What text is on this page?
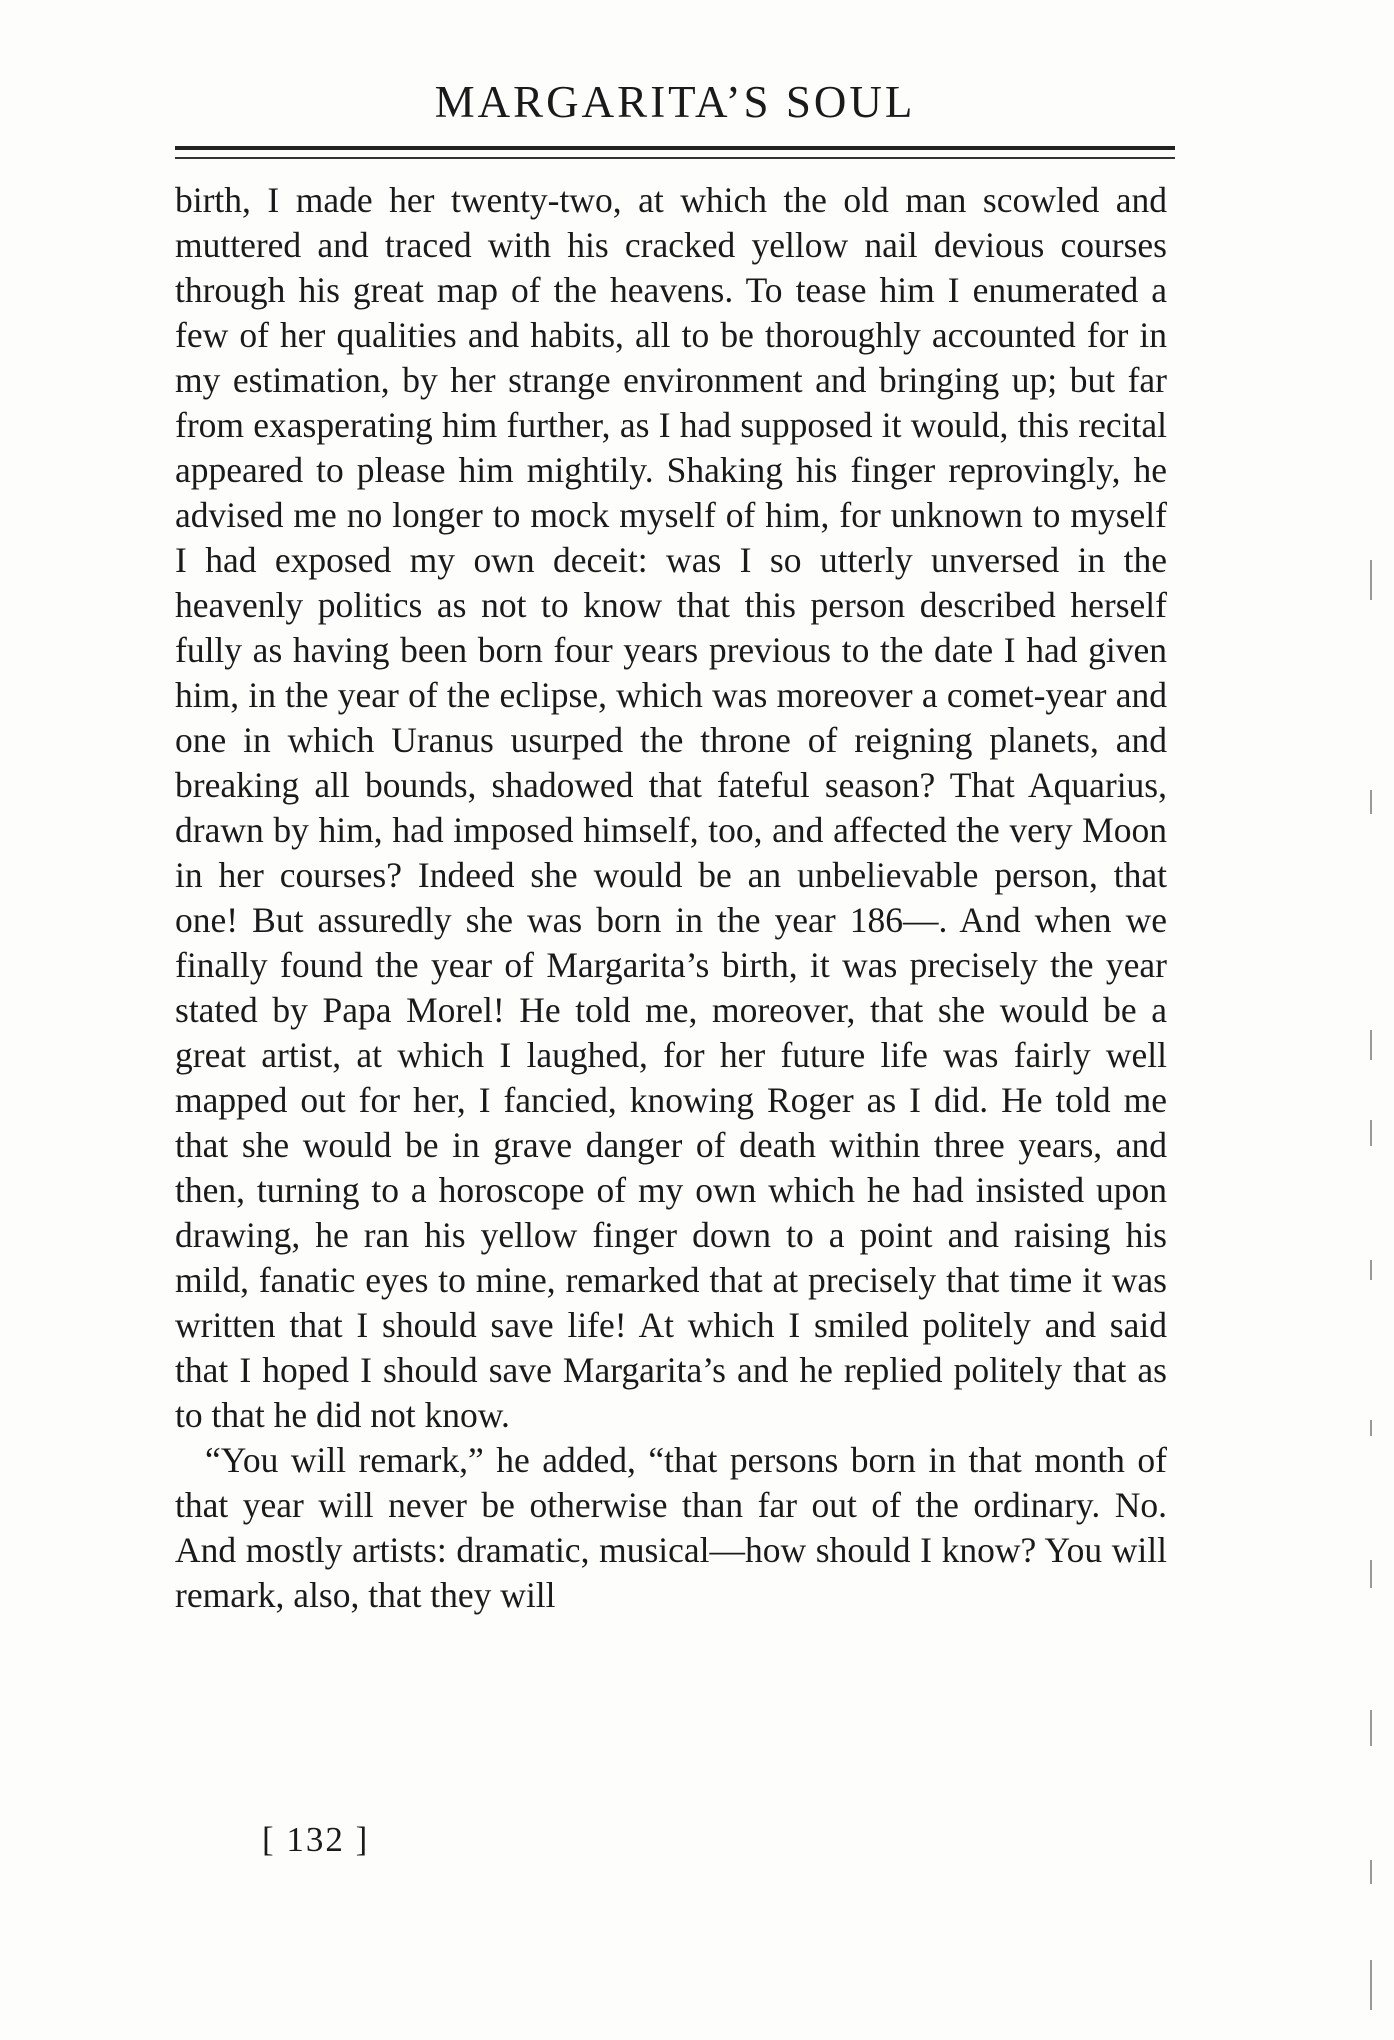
MARGARITA’S SOUL

birth, I made her twenty-two, at which the old man scowled and muttered and traced with his cracked yellow nail devious courses through his great map of the heavens. To tease him I enumerated a few of her qualities and habits, all to be thoroughly accounted for in my estimation, by her strange environment and bringing up; but far from exasperating him further, as I had supposed it would, this recital appeared to please him mightily. Shaking his finger reprovingly, he advised me no longer to mock myself of him, for unknown to myself I had exposed my own deceit: was I so utterly unversed in the heavenly politics as not to know that this person described herself fully as having been born four years previous to the date I had given him, in the year of the eclipse, which was moreover a comet-year and one in which Uranus usurped the throne of reigning planets, and breaking all bounds, shadowed that fateful season? That Aquarius, drawn by him, had imposed himself, too, and affected the very Moon in her courses? Indeed she would be an unbelievable person, that one! But assuredly she was born in the year 186—. And when we finally found the year of Margarita’s birth, it was precisely the year stated by Papa Morel! He told me, moreover, that she would be a great artist, at which I laughed, for her future life was fairly well mapped out for her, I fancied, knowing Roger as I did. He told me that she would be in grave danger of death within three years, and then, turning to a horoscope of my own which he had insisted upon drawing, he ran his yellow finger down to a point and raising his mild, fanatic eyes to mine, remarked that at precisely that time it was written that I should save life! At which I smiled politely and said that I hoped I should save Margarita’s and he replied politely that as to that he did not know.

“You will remark,” he added, “that persons born in that month of that year will never be otherwise than far out of the ordinary. No. And mostly artists: dramatic, musical—how should I know? You will remark, also, that they will

[ 132 ]
